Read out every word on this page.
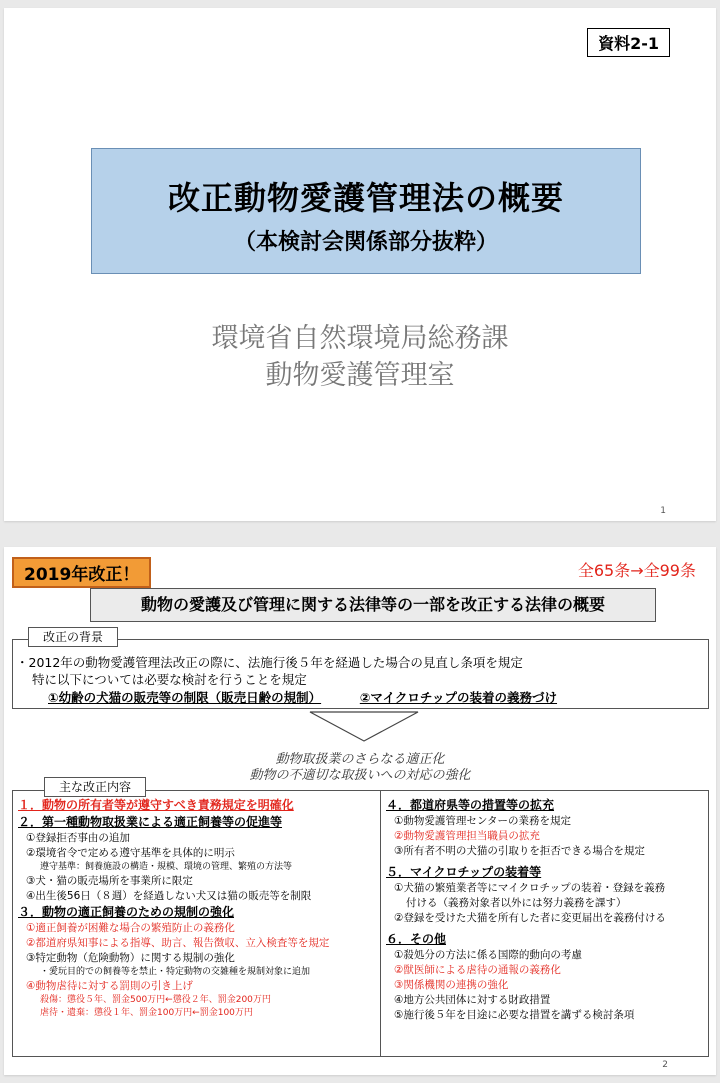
資料2-1
改正動物愛護管理法の概要
（本検討会関係部分抜粋）
環境省自然環境局総務課
動物愛護管理室
1
2019年改正！	全65条→全99条
動物の愛護及び管理に関する法律等の一部を改正する法律の概要
改正の背景
・2012年の動物愛護管理法改正の際に、法施行後５年を経過した場合の見直し条項を規定
特に以下については必要な検討を行うことを規定
①幼齢の犬猫の販売等の制限（販売日齢の規制）	②マイクロチップの装着の義務づけ
動物取扱業のさらなる適正化
動物の不適切な取扱いへの対応の強化
主な改正内容
１．動物の所有者等が遵守すべき責務規定を明確化
２．第一種動物取扱業による適正飼養等の促進等
①登録拒否事由の追加
②環境省令で定める遵守基準を具体的に明示
遵守基準：飼養施設の構造・規模、環境の管理、繁殖の方法等
③犬・猫の販売場所を事業所に限定
④出生後56日（８週）を経過しない犬又は猫の販売等を制限
３．動物の適正飼養のための規制の強化
①適正飼養が困難な場合の繁殖防止の義務化
②都道府県知事による指導、助言、報告徴収、立入検査等を規定
③特定動物（危険動物）に関する規制の強化
・愛玩目的での飼養等を禁止・特定動物の交雑種を規制対象に追加
④動物虐待に対する罰則の引き上げ
殺傷：懲役５年、罰金500万円←懲役２年、罰金200万円
虐待・遺棄：懲役１年、罰金100万円←罰金100万円
４．都道府県等の措置等の拡充
①動物愛護管理センターの業務を規定
②動物愛護管理担当職員の拡充
③所有者不明の犬猫の引取りを拒否できる場合を規定
５．マイクロチップの装着等
①犬猫の繁殖業者等にマイクロチップの装着・登録を義務
付ける（義務対象者以外には努力義務を課す）
②登録を受けた犬猫を所有した者に変更届出を義務付ける
６．その他
①殺処分の方法に係る国際的動向の考慮
②獣医師による虐待の通報の義務化
③関係機関の連携の強化
④地方公共団体に対する財政措置
⑤施行後５年を目途に必要な措置を講ずる検討条項
2
